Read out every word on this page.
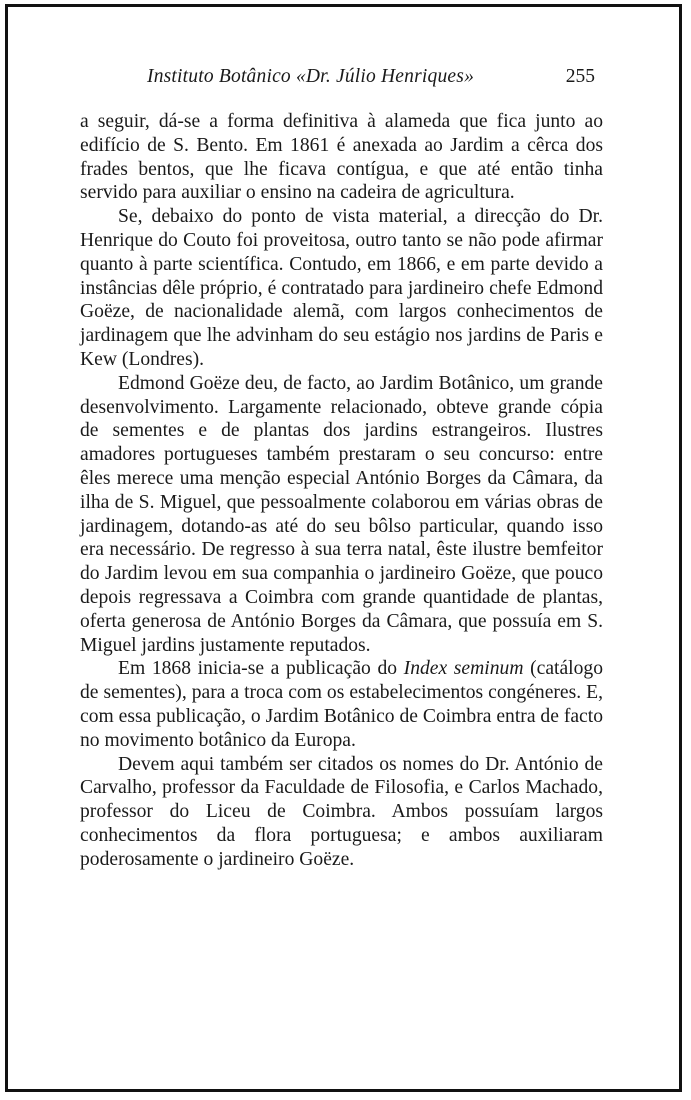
Instituto Botânico «Dr. Júlio Henriques»	255

a seguir, dá-se a forma definitiva à alameda que fica junto ao edifício de S. Bento. Em 1861 é anexada ao Jardim a cêrca dos frades bentos, que lhe ficava contígua, e que até então tinha servido para auxiliar o ensino na cadeira de agricultura.

Se, debaixo do ponto de vista material, a direcção do Dr. Henrique do Couto foi proveitosa, outro tanto se não pode afirmar quanto à parte scientífica. Contudo, em 1866, e em parte devido a instâncias dêle próprio, é contratado para jardineiro chefe Edmond Goëze, de nacionalidade alemã, com largos conhecimentos de jardinagem que lhe advinham do seu estágio nos jardins de Paris e Kew (Londres).

Edmond Goëze deu, de facto, ao Jardim Botânico, um grande desenvolvimento. Largamente relacionado, obteve grande cópia de sementes e de plantas dos jardins estrangeiros. Ilustres amadores portugueses também prestaram o seu concurso: entre êles merece uma menção especial António Borges da Câmara, da ilha de S. Miguel, que pessoalmente colaborou em várias obras de jardinagem, dotando-as até do seu bôlso particular, quando isso era necessário. De regresso à sua terra natal, êste ilustre bemfeitor do Jardim levou em sua companhia o jardineiro Goëze, que pouco depois regressava a Coimbra com grande quantidade de plantas, oferta generosa de António Borges da Câmara, que possuía em S. Miguel jardins justamente reputados.

Em 1868 inicia-se a publicação do Index seminum (catálogo de sementes), para a troca com os estabelecimentos congéneres. E, com essa publicação, o Jardim Botânico de Coimbra entra de facto no movimento botânico da Europa.

Devem aqui também ser citados os nomes do Dr. António de Carvalho, professor da Faculdade de Filosofia, e Carlos Machado, professor do Liceu de Coimbra. Ambos possuíam largos conhecimentos da flora portuguesa; e ambos auxiliaram poderosamente o jardineiro Goëze.
